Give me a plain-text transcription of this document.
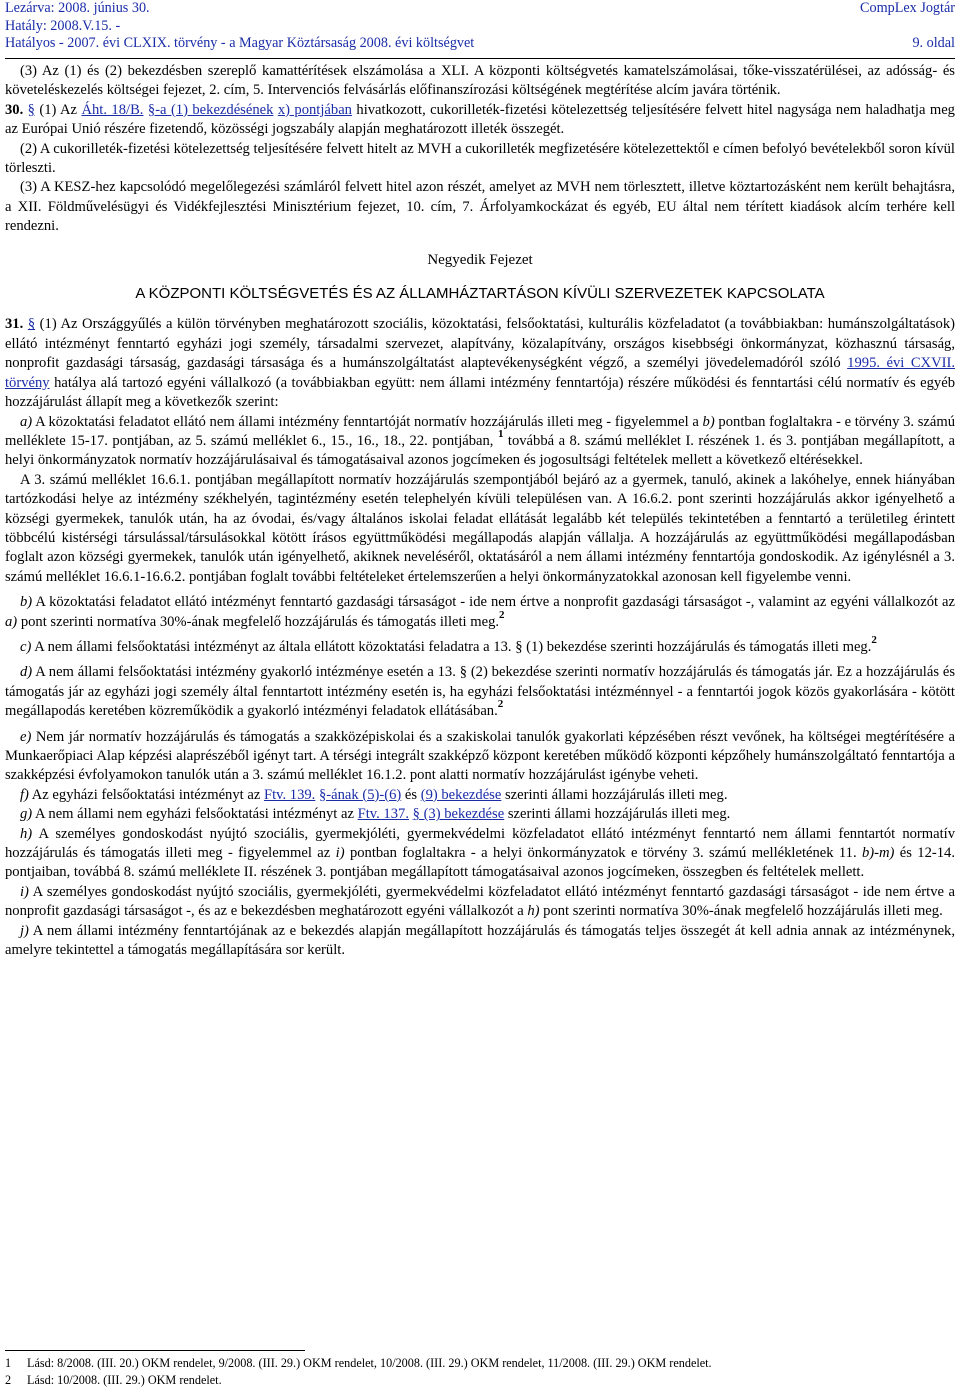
Lezárva: 2008. június 30.	CompLex Jogtár
Hatály: 2008.V.15. -
Hatályos - 2007. évi CLXIX. törvény - a Magyar Köztársaság 2008. évi költségvet	9. oldal

(3) Az (1) és (2) bekezdésben szereplő kamattérítések elszámolása a XLI. A központi költségvetés kamatelszámolásai, tőke-visszatérülései, az adósság- és követeléskezelés költségei fejezet, 2. cím, 5. Intervenciós felvásárlás előfinanszírozási költségének megtérítése alcím javára történik.

30. § (1) Az Áht. 18/B. §-a (1) bekezdésének x) pontjában hivatkozott, cukorilleték-fizetési kötelezettség teljesítésére felvett hitel nagysága nem haladhatja meg az Európai Unió részére fizetendő, közösségi jogszabály alapján meghatározott illeték összegét.

(2) A cukorilleték-fizetési kötelezettség teljesítésére felvett hitelt az MVH a cukorilleték megfizetésére kötelezettektől e címen befolyó bevételekből soron kívül törleszti.

(3) A KESZ-hez kapcsolódó megelőlegezési számláról felvett hitel azon részét, amelyet az MVH nem törlesztett, illetve köztartozásként nem került behajtásra, a XII. Földművelésügyi és Vidékfejlesztési Minisztérium fejezet, 10. cím, 7. Árfolyamkockázat és egyéb, EU által nem térített kiadások alcím terhére kell rendezni.

Negyedik Fejezet

A KÖZPONTI KÖLTSÉGVETÉS ÉS AZ ÁLLAMHÁZTARTÁSON KÍVÜLI SZERVEZETEK KAPCSOLATA

31. § (1) Az Országgyűlés a külön törvényben meghatározott szociális, közoktatási, felsőoktatási, kulturális közfeladatot (a továbbiakban: humánszolgáltatások) ellátó intézményt fenntartó egyházi jogi személy, társadalmi szervezet, alapítvány, közalapítvány, országos kisebbségi önkormányzat, közhasznú társaság, nonprofit gazdasági társaság, gazdasági társasága és a humánszolgáltatást alaptevékenységként végző, a személyi jövedelemadóról szóló 1995. évi CXVII. törvény hatálya alá tartozó egyéni vállalkozó (a továbbiakban együtt: nem állami intézmény fenntartója) részére működési és fenntartási célú normatív és egyéb hozzájárulást állapít meg a következők szerint:

a) A közoktatási feladatot ellátó nem állami intézmény fenntartóját normatív hozzájárulás illeti meg - figyelemmel a b) pontban foglaltakra - e törvény 3. számú melléklete 15-17. pontjában, az 5. számú melléklet 6., 15., 16., 18., 22. pontjában, $^1$ továbbá a 8. számú melléklet I. részének 1. és 3. pontjában megállapított, a helyi önkormányzatok normatív hozzájárulásaival és támogatásaival azonos jogcímeken és jogosultsági feltételek mellett a következő eltérésekkel.

A 3. számú melléklet 16.6.1. pontjában megállapított normatív hozzájárulás szempontjából bejáró az a gyermek, tanuló, akinek a lakóhelye, ennek hiányában tartózkodási helye az intézmény székhelyén, tagintézmény esetén telephelyén kívüli településen van. A 16.6.2. pont szerinti hozzájárulás akkor igényelhető a községi gyermekek, tanulók után, ha az óvodai, és/vagy általános iskolai feladat ellátását legalább két település tekintetében a fenntartó a területileg érintett többcélú kistérségi társulással/társulásokkal kötött írásos együttműködési megállapodás alapján vállalja. A hozzájárulás az együttműködési megállapodásban foglalt azon községi gyermekek, tanulók után igényelhető, akiknek neveléséről, oktatásáról a nem állami intézmény fenntartója gondoskodik. Az igénylésnél a 3. számú melléklet 16.6.1-16.6.2. pontjában foglalt további feltételeket értelemszerűen a helyi önkormányzatokkal azonosan kell figyelembe venni.

b) A közoktatási feladatot ellátó intézményt fenntartó gazdasági társaságot - ide nem értve a nonprofit gazdasági társaságot -, valamint az egyéni vállalkozót az a) pont szerinti normatíva 30%-ának megfelelő hozzájárulás és támogatás illeti meg.$^2$

c) A nem állami felsőoktatási intézményt az általa ellátott közoktatási feladatra a 13. § (1) bekezdése szerinti hozzájárulás és támogatás illeti meg.$^2$

d) A nem állami felsőoktatási intézmény gyakorló intézménye esetén a 13. § (2) bekezdése szerinti normatív hozzájárulás és támogatás jár. Ez a hozzájárulás és támogatás jár az egyházi jogi személy által fenntartott intézmény esetén is, ha egyházi felsőoktatási intézménnyel - a fenntartói jogok közös gyakorlására - kötött megállapodás keretében közreműködik a gyakorló intézményi feladatok ellátásában.$^2$

e) Nem jár normatív hozzájárulás és támogatás a szakközépiskolai és a szakiskolai tanulók gyakorlati képzésében részt vevőnek, ha költségei megtérítésére a Munkaerőpiaci Alap képzési alaprészéből igényt tart. A térségi integrált szakképző központ keretében működő központi képzőhely humánszolgáltató fenntartója a szakképzési évfolyamokon tanulók után a 3. számú melléklet 16.1.2. pont alatti normatív hozzájárulást igénybe veheti.

f) Az egyházi felsőoktatási intézményt az Ftv. 139. §-ának (5)-(6) és (9) bekezdése szerinti állami hozzájárulás illeti meg.

g) A nem állami nem egyházi felsőoktatási intézményt az Ftv. 137. § (3) bekezdése szerinti állami hozzájárulás illeti meg.

h) A személyes gondoskodást nyújtó szociális, gyermekjóléti, gyermekvédelmi közfeladatot ellátó intézményt fenntartó nem állami fenntartót normatív hozzájárulás és támogatás illeti meg - figyelemmel az i) pontban foglaltakra - a helyi önkormányzatok e törvény 3. számú mellékletének 11. b)-m) és 12-14. pontjaiban, továbbá 8. számú melléklete II. részének 3. pontjában megállapított támogatásaival azonos jogcímeken, összegben és feltételek mellett.

i) A személyes gondoskodást nyújtó szociális, gyermekjóléti, gyermekvédelmi közfeladatot ellátó intézményt fenntartó gazdasági társaságot - ide nem értve a nonprofit gazdasági társaságot -, és az e bekezdésben meghatározott egyéni vállalkozót a h) pont szerinti normatíva 30%-ának megfelelő hozzájárulás illeti meg.

j) A nem állami intézmény fenntartójának az e bekezdés alapján megállapított hozzájárulás és támogatás teljes összegét át kell adnia annak az intézménynek, amelyre tekintettel a támogatás megállapítására sor került.

1 Lásd: 8/2008. (III. 20.) OKM rendelet, 9/2008. (III. 29.) OKM rendelet, 10/2008. (III. 29.) OKM rendelet, 11/2008. (III. 29.) OKM rendelet.
2 Lásd: 10/2008. (III. 29.) OKM rendelet.
